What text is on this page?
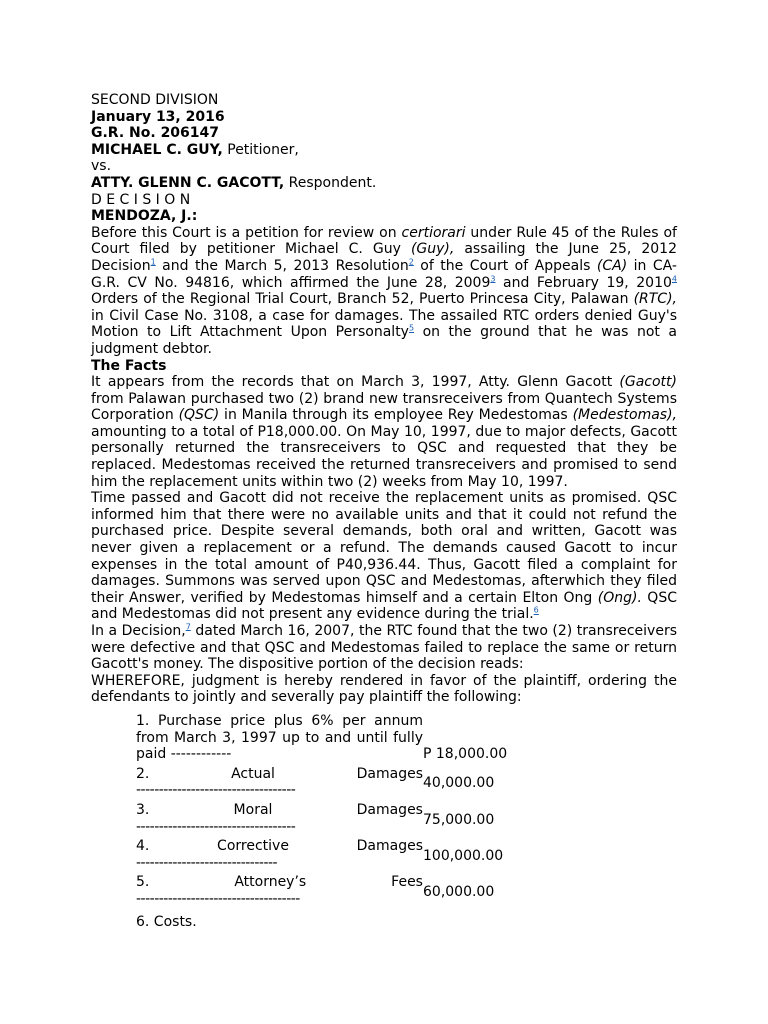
SECOND DIVISION
January 13, 2016
G.R. No. 206147
MICHAEL C. GUY, Petitioner,
vs.
ATTY. GLENN C. GACOTT, Respondent.
D E C I S I O N
MENDOZA, J.:

Before this Court is a petition for review on certiorari under Rule 45 of the Rules of Court filed by petitioner Michael C. Guy (Guy), assailing the June 25, 2012 Decision$^1$ and the March 5, 2013 Resolution$^2$ of the Court of Appeals (CA) in CA-G.R. CV No. 94816, which affirmed the June 28, 2009$^3$ and February 19, 2010$^4$ Orders of the Regional Trial Court, Branch 52, Puerto Princesa City, Palawan (RTC), in Civil Case No. 3108, a case for damages. The assailed RTC orders denied Guy's Motion to Lift Attachment Upon Personalty$^5$ on the ground that he was not a judgment debtor.

The Facts

It appears from the records that on March 3, 1997, Atty. Glenn Gacott (Gacott) from Palawan purchased two (2) brand new transreceivers from Quantech Systems Corporation (QSC) in Manila through its employee Rey Medestomas (Medestomas), amounting to a total of P18,000.00. On May 10, 1997, due to major defects, Gacott personally returned the transreceivers to QSC and requested that they be replaced. Medestomas received the returned transreceivers and promised to send him the replacement units within two (2) weeks from May 10, 1997.

Time passed and Gacott did not receive the replacement units as promised. QSC informed him that there were no available units and that it could not refund the purchased price. Despite several demands, both oral and written, Gacott was never given a replacement or a refund. The demands caused Gacott to incur expenses in the total amount of P40,936.44. Thus, Gacott filed a complaint for damages. Summons was served upon QSC and Medestomas, afterwhich they filed their Answer, verified by Medestomas himself and a certain Elton Ong (Ong). QSC and Medestomas did not present any evidence during the trial.$^6$

In a Decision,$^7$ dated March 16, 2007, the RTC found that the two (2) transreceivers were defective and that QSC and Medestomas failed to replace the same or return Gacott's money. The dispositive portion of the decision reads:

WHEREFORE, judgment is hereby rendered in favor of the plaintiff, ordering the defendants to jointly and severally pay plaintiff the following:

1. Purchase price plus 6% per annum from March 3, 1997 up to and until fully paid ------------	P 18,000.00

2. Actual Damages
-----------------------------------	40,000.00

3. Moral Damages
-----------------------------------	75,000.00

4. Corrective Damages
-------------------------------	100,000.00

5. Attorney’s Fees
------------------------------------	60,000.00
6. Costs.	
